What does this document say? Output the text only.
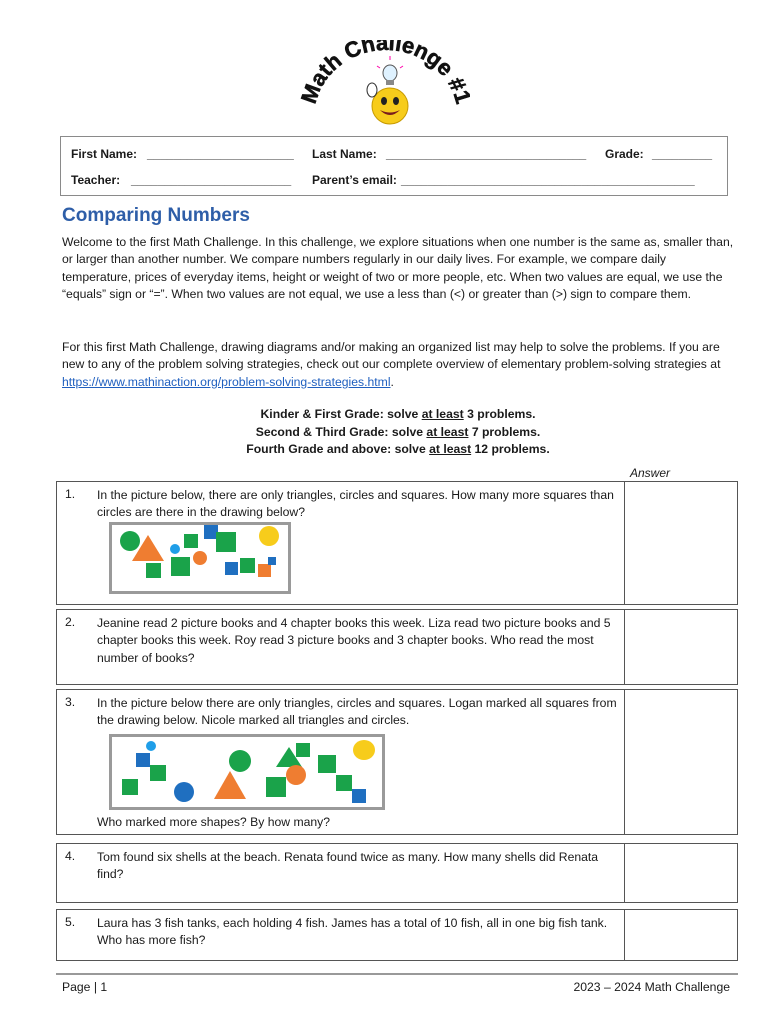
ath Challenge #
First Name: ______________________ Last Name: ______________________________ Grade: _________
Teacher: ________________________ Parent’s email: ____________________________________________
Comparing Numbers

Welcome to the first Math Challenge. In this challenge, we explore situations when one number is the same as, smaller than, or larger than another number. We compare numbers regularly in our daily lives. For example, we compare daily temperature, prices of everyday items, height or weight of two or more people, etc. When two values are equal, we use the “equals” sign or “=”. When two values are not equal, we use a less than (<) or greater than (>) sign to compare them.

For this first Math Challenge, drawing diagrams and/or making an organized list may help to solve the problems. If you are new to any of the problem solving strategies, check out our complete overview of elementary problem-solving strategies at https://www.mathinaction.org/problem-solving-strategies.html.

Kinder & First Grade: solve at least 3 problems.
Second & Third Grade: solve at least 7 problems.
Fourth Grade and above: solve at least 12 problems.
Answer
1. In the picture below, there are only triangles, circles and squares. How many more squares than circles are there in the drawing below?
2. Jeanine read 2 picture books and 4 chapter books this week. Liza read two picture books and 5 chapter books this week. Roy read 3 picture books and 3 chapter books. Who read the most number of books?
3. In the picture below there are only triangles, circles and squares. Logan marked all squares from the drawing below. Nicole marked all triangles and circles.
Who marked more shapes? By how many?
4. Tom found six shells at the beach. Renata found twice as many. How many shells did Renata find?
5. Laura has 3 fish tanks, each holding 4 fish. James has a total of 10 fish, all in one big fish tank. Who has more fish?
Page | 1	2023 – 2024 Math Challenge
